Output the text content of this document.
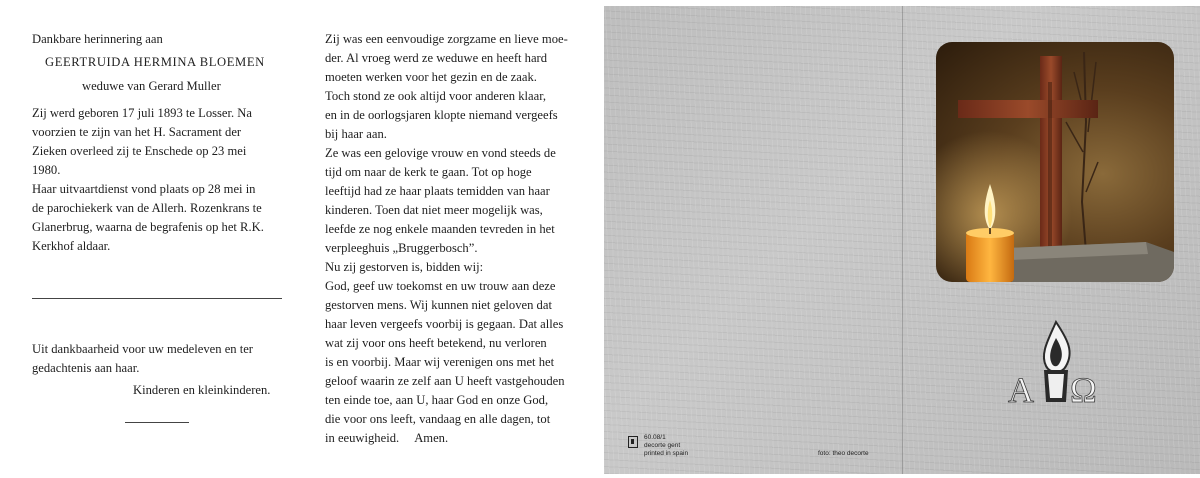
Dankbare herinnering aan
GEERTRUIDA HERMINA BLOEMEN
weduwe van Gerard Muller
Zij werd geboren 17 juli 1893 te Losser. Na
voorzien te zijn van het H. Sacrament der
Zieken overleed zij te Enschede op 23 mei
1980.
Haar uitvaartdienst vond plaats op 28 mei in
de parochiekerk van de Allerh. Rozenkrans te
Glanerbrug, waarna de begrafenis op het R.K.
Kerkhof aldaar.
Uit dankbaarheid voor uw medeleven en ter
gedachtenis aan haar.
Kinderen en kleinkinderen.
Zij was een eenvoudige zorgzame en lieve moe-
der. Al vroeg werd ze weduwe en heeft hard
moeten werken voor het gezin en de zaak.
Toch stond ze ook altijd voor anderen klaar,
en in de oorlogsjaren klopte niemand vergeefs
bij haar aan.
Ze was een gelovige vrouw en vond steeds de
tijd om naar de kerk te gaan. Tot op hoge
leeftijd had ze haar plaats temidden van haar
kinderen. Toen dat niet meer mogelijk was,
leefde ze nog enkele maanden tevreden in het
verpleeghuis „Bruggerbosch”.
Nu zij gestorven is, bidden wij:
God, geef uw toekomst en uw trouw aan deze
gestorven mens. Wij kunnen niet geloven dat
haar leven vergeefs voorbij is gegaan. Dat alles
wat zij voor ons heeft betekend, nu verloren
is en voorbij. Maar wij verenigen ons met het
geloof waarin ze zelf aan U heeft vastgehouden
ten einde toe, aan U, haar God en onze God,
die voor ons leeft, vandaag en alle dagen, tot
in eeuwigheid.     Amen.
A Ω
60.08/1
decorte gent
printed in spain	foto: theo decorte
